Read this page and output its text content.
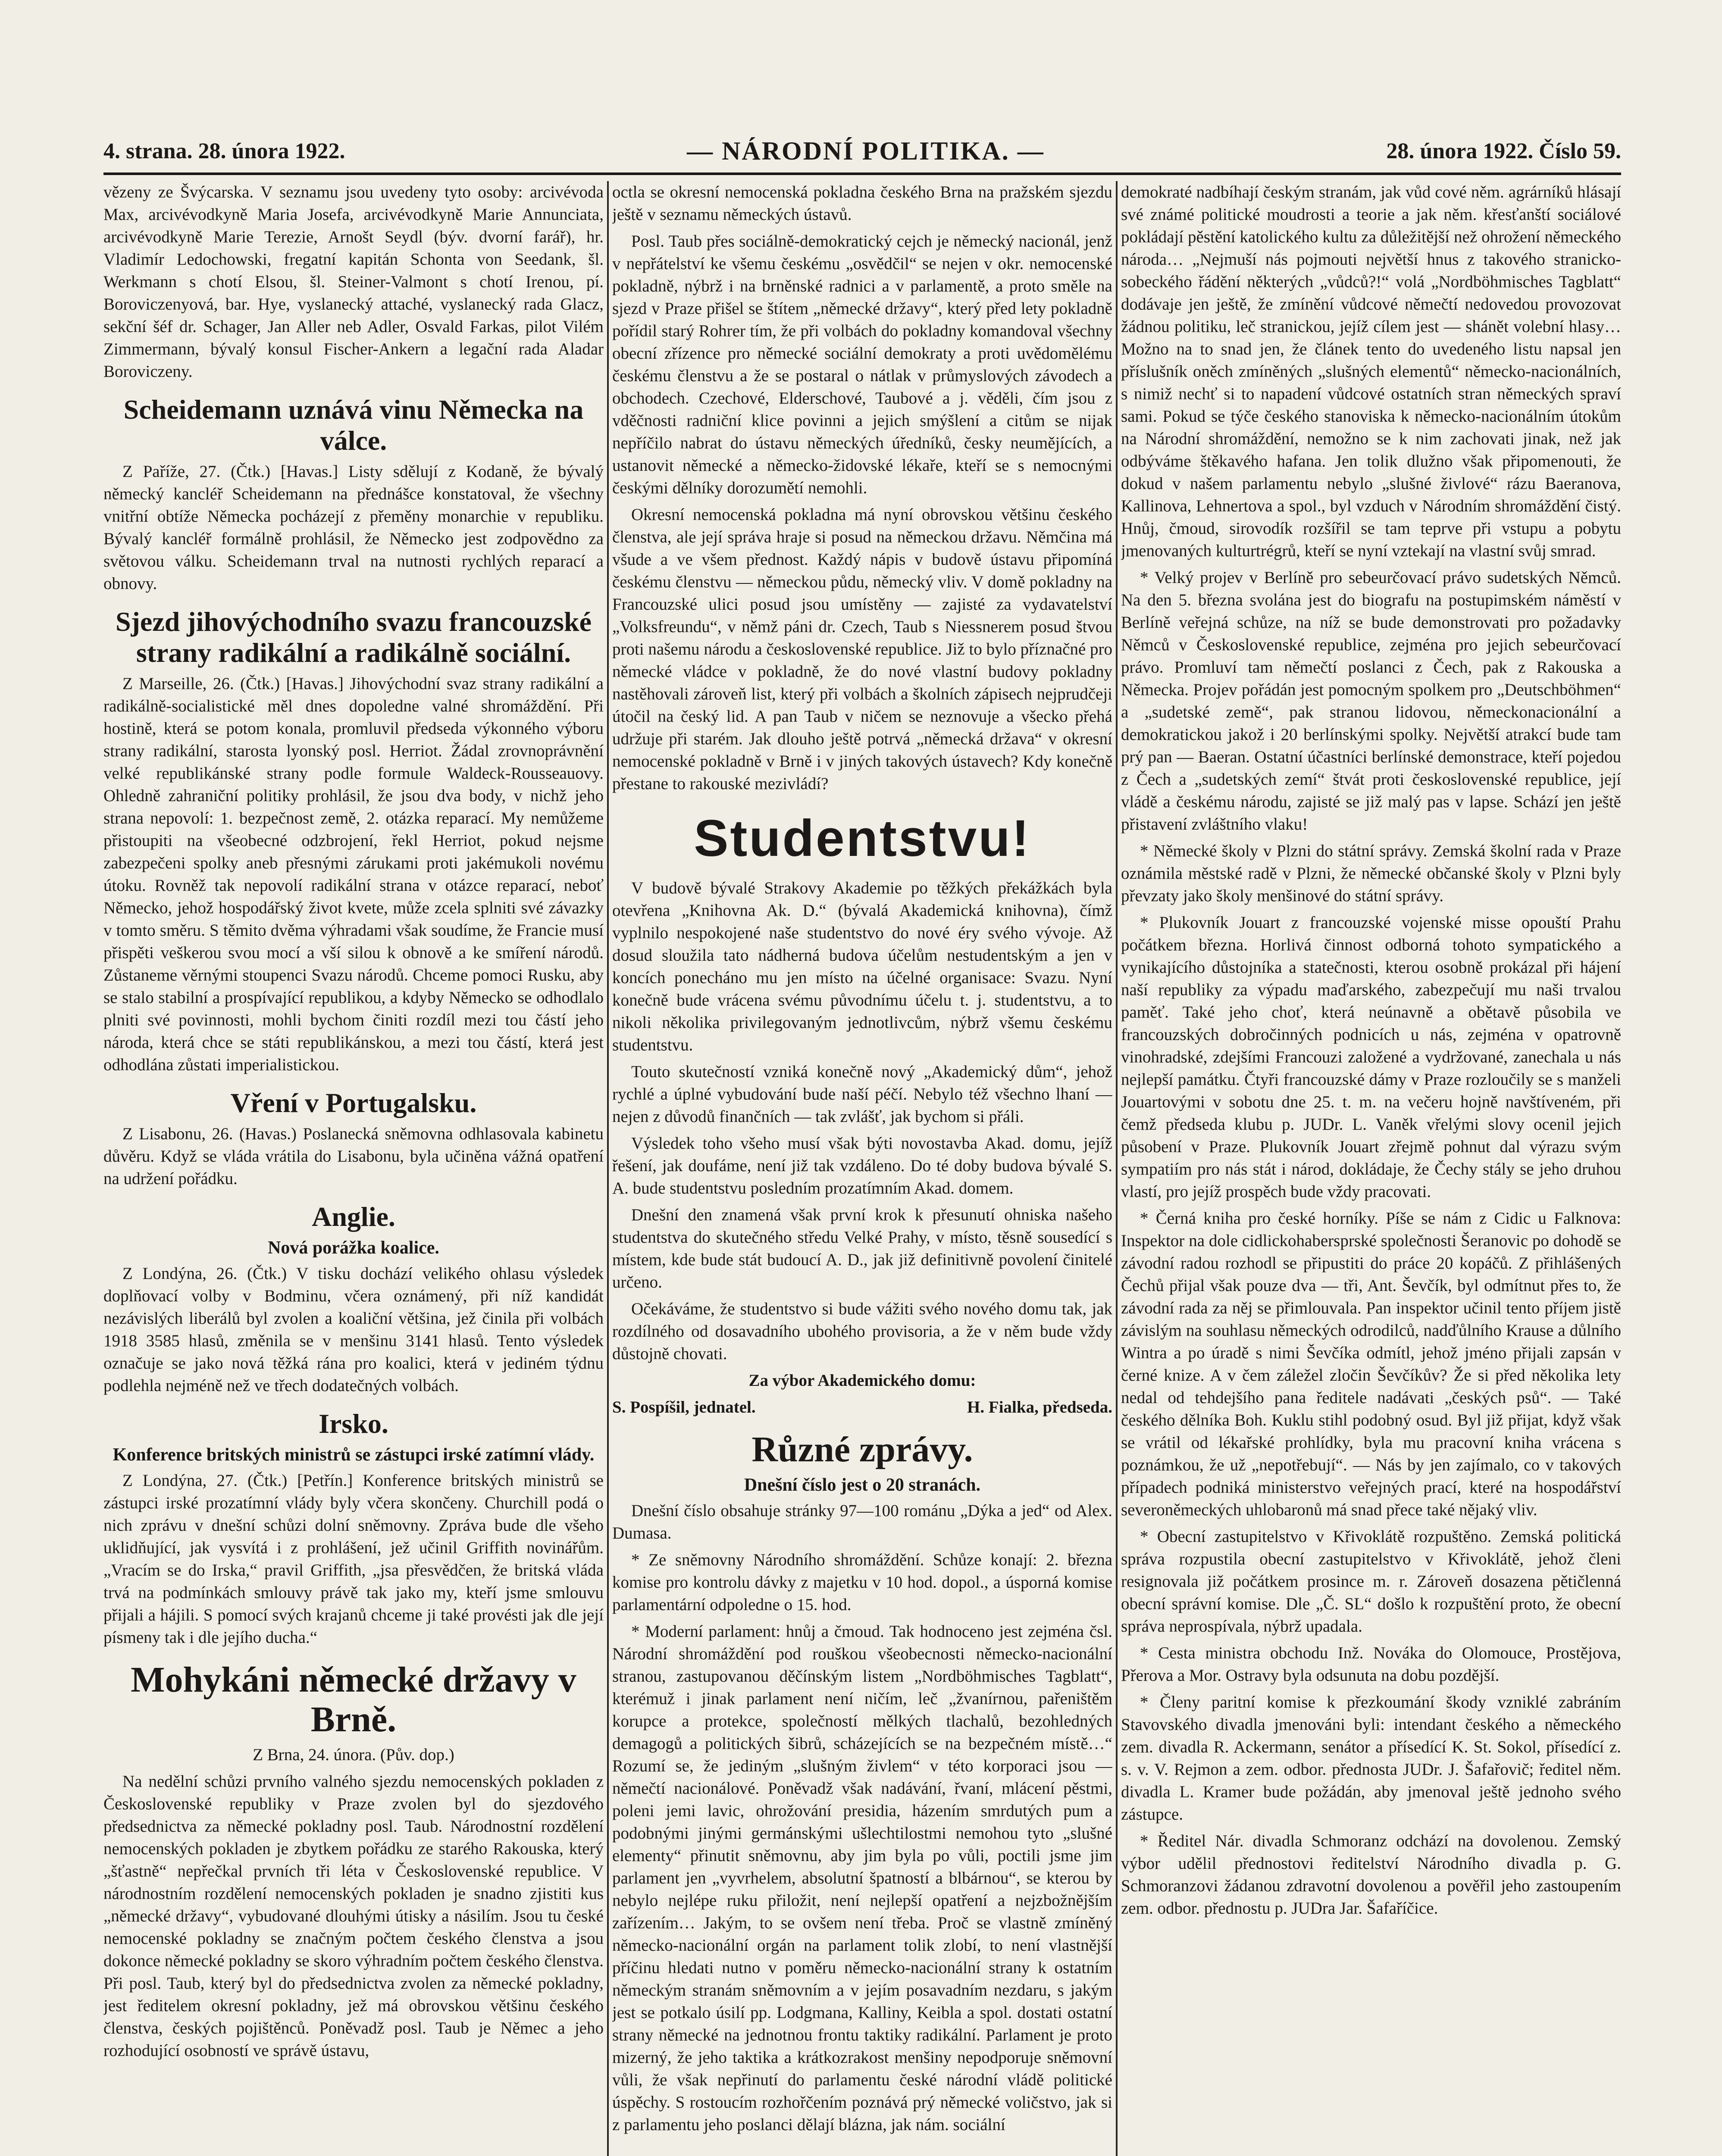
4. strana. 28. února 1922.	— NÁRODNÍ POLITIKA. —	28. února 1922. Číslo 59.

vězeny ze Švýcarska. V seznamu jsou uvedeny tyto osoby: arcivévoda Max, arcivévodkyně Maria Josefa, arcivévodkyně Marie Annunciata, arcivévodkyně Marie Terezie, Arnošt Seydl (býv. dvorní farář), hr. Vladimír Ledochowski, fregatní kapitán Schonta von Seedank, šl. Werkmann s chotí Elsou, šl. Steiner-Valmont s chotí Irenou, pí. Boroviczenyová, bar. Hye, vyslanecký attaché, vyslanecký rada Glacz, sekční šéf dr. Schager, Jan Aller neb Adler, Osvald Farkas, pilot Vilém Zimmermann, bývalý konsul Fischer-Ankern a legační rada Aladar Boroviczeny.

Scheidemann uznává vinu Německa na válce.

Z Paříže, 27. (Čtk.) [Havas.] Listy sdělují z Kodaně, že bývalý německý kancléř Scheidemann na přednášce konstatoval, že všechny vnitřní obtíže Německa pocházejí z přeměny monarchie v republiku. Bývalý kancléř formálně prohlásil, že Německo jest zodpovědno za světovou válku. Scheidemann trval na nutnosti rychlých reparací a obnovy.

Sjezd jihovýchodního svazu francouzské strany radikální a radikálně sociální.

Z Marseille, 26. (Čtk.) [Havas.] Jihovýchodní svaz strany radikální a radikálně-socialistické měl dnes dopoledne valné shromáždění. Při hostině, která se potom konala, promluvil předseda výkonného výboru strany radikální, starosta lyonský posl. Herriot. Žádal zrovnoprávnění velké republikánské strany podle formule Waldeck-Rousseauovy. Ohledně zahraniční politiky prohlásil, že jsou dva body, v nichž jeho strana nepovolí: 1. bezpečnost země, 2. otázka reparací. My nemůžeme přistoupiti na všeobecné odzbrojení, řekl Herriot, pokud nejsme zabezpečeni spolky aneb přesnými zárukami proti jakémukoli novému útoku. Rovněž tak nepovolí radikální strana v otázce reparací, neboť Německo, jehož hospodářský život kvete, může zcela splniti své závazky v tomto směru. S těmito dvěma výhradami však soudíme, že Francie musí přispěti veškerou svou mocí a vší silou k obnově a ke smíření národů. Zůstaneme věrnými stoupenci Svazu národů. Chceme pomoci Rusku, aby se stalo stabilní a prospívající republikou, a kdyby Německo se odhodlalo plniti své povinnosti, mohli bychom činiti rozdíl mezi tou částí jeho národa, která chce se státi republikánskou, a mezi tou částí, která jest odhodlána zůstati imperialistickou.

Vření v Portugalsku.

Z Lisabonu, 26. (Havas.) Poslanecká sněmovna odhlasovala kabinetu důvěru. Když se vláda vrátila do Lisabonu, byla učiněna vážná opatření na udržení pořádku.

Anglie.
Nová porážka koalice.

Z Londýna, 26. (Čtk.) V tisku dochází velikého ohlasu výsledek doplňovací volby v Bodminu, včera oznámený, při níž kandidát nezávislých liberálů byl zvolen a koaliční většina, jež činila při volbách 1918 3585 hlasů, změnila se v menšinu 3141 hlasů. Tento výsledek označuje se jako nová těžká rána pro koalici, která v jediném týdnu podlehla nejméně než ve třech dodatečných volbách.

Irsko.
Konference britských ministrů se zástupci irské zatímní vlády.

Z Londýna, 27. (Čtk.) [Petřín.] Konference britských ministrů se zástupci irské prozatímní vlády byly včera skončeny. Churchill podá o nich zprávu v dnešní schůzi dolní sněmovny. Zpráva bude dle všeho uklidňující, jak vysvítá i z prohlášení, jež učinil Griffith novinářům. „Vracím se do Irska,“ pravil Griffith, „jsa přesvědčen, že britská vláda trvá na podmínkách smlouvy právě tak jako my, kteří jsme smlouvu přijali a hájili. S pomocí svých krajanů chceme ji také provésti jak dle její písmeny tak i dle jejího ducha.“

Mohykáni německé državy v Brně.

Z Brna, 24. února. (Pův. dop.)

Na nedělní schůzi prvního valného sjezdu nemocenských pokladen z Československé republiky v Praze zvolen byl do sjezdového předsednictva za německé pokladny posl. Taub. Národnostní rozdělení nemocenských pokladen je zbytkem pořádku ze starého Rakouska, který „šťastně“ nepřečkal prvních tři léta v Československé republice. V národnostním rozdělení nemocenských pokladen je snadno zjistiti kus „německé državy“, vybudované dlouhými útisky a násilím. Jsou tu české nemocenské pokladny se značným počtem českého členstva a jsou dokonce německé pokladny se skoro výhradním počtem českého členstva. Při posl. Taub, který byl do předsednictva zvolen za německé pokladny, jest ředitelem okresní pokladny, jež má obrovskou většinu českého členstva, českých pojištěnců. Poněvadž posl. Taub je Němec a jeho rozhodující osobností ve správě ústavu,

octla se okresní nemocenská pokladna českého Brna na pražském sjezdu ještě v seznamu německých ústavů.

Posl. Taub přes sociálně-demokratický cejch je německý nacionál, jenž v nepřátelství ke všemu českému „osvědčil“ se nejen v okr. nemocenské pokladně, nýbrž i na brněnské radnici a v parlamentě, a proto směle na sjezd v Praze přišel se štítem „německé državy“, který před lety pokladně pořídil starý Rohrer tím, že při volbách do pokladny komandoval všechny obecní zřízence pro německé sociální demokraty a proti uvědomělému českému členstvu a že se postaral o nátlak v průmyslových závodech a obchodech. Czechové, Elderschové, Taubové a j. věděli, čím jsou z vděčnosti radniční klice povinni a jejich smýšlení a citům se nijak nepříčilo nabrat do ústavu německých úředníků, česky neumějících, a ustanovit německé a německo-židovské lékaře, kteří se s nemocnými českými dělníky dorozumětí nemohli.

Okresní nemocenská pokladna má nyní obrovskou většinu českého členstva, ale její správa hraje si posud na německou državu. Němčina má všude a ve všem přednost. Každý nápis v budově ústavu připomíná českému členstvu — německou půdu, německý vliv. V domě pokladny na Francouzské ulici posud jsou umístěny — zajisté za vydavatelství „Volksfreundu“, v němž páni dr. Czech, Taub s Niessnerem posud štvou proti našemu národu a československé republice. Již to bylo příznačné pro německé vládce v pokladně, že do nové vlastní budovy pokladny nastěhovali zároveň list, který při volbách a školních zápisech nejprudčeji útočil na český lid. A pan Taub v ničem se neznovuje a všecko přehá udržuje při starém. Jak dlouho ještě potrvá „německá država“ v okresní nemocenské pokladně v Brně i v jiných takových ústavech? Kdy konečně přestane to rakouské mezivládí?

Studentstvu!

V budově bývalé Strakovy Akademie po těžkých překážkách byla otevřena „Knihovna Ak. D.“ (bývalá Akademická knihovna), čímž vyplnilo nespokojené naše studentstvo do nové éry svého vývoje. Až dosud sloužila tato nádherná budova účelům nestudentským a jen v koncích ponecháno mu jen místo na účelné organisace: Svazu. Nyní konečně bude vrácena svému původnímu účelu t. j. studentstvu, a to nikoli několika privilegovaným jednotlivcům, nýbrž všemu českému studentstvu.

Touto skutečností vzniká konečně nový „Akademický dům“, jehož rychlé a úplné vybudování bude naší péčí. Nebylo též všechno lhaní — nejen z důvodů finančních — tak zvlášť, jak bychom si přáli.

Výsledek toho všeho musí však býti novostavba Akad. domu, jejíž řešení, jak doufáme, není již tak vzdáleno. Do té doby budova bývalé S. A. bude studentstvu posledním prozatímním Akad. domem.

Dnešní den znamená však první krok k přesunutí ohniska našeho studentstva do skutečného středu Velké Prahy, v místo, těsně sousedící s místem, kde bude stát budoucí A. D., jak již definitivně povolení činitelé určeno.

Očekáváme, že studentstvo si bude vážiti svého nového domu tak, jak rozdílného od dosavadního ubohého provisoria, a že v něm bude vždy důstojně chovati.

Za výbor Akademického domu:

S. Pospíšil, jednatel.	H. Fialka, předseda.

Různé zprávy.
Dnešní číslo jest o 20 stranách.

Dnešní číslo obsahuje stránky 97—100 románu „Dýka a jed“ od Alex. Dumasa.

* Ze sněmovny Národního shromáždění. Schůze konají: 2. března komise pro kontrolu dávky z majetku v 10 hod. dopol., a úsporná komise parlamentární odpoledne o 15. hod.

* Moderní parlament: hnůj a čmoud. Tak hodnoceno jest zejména čsl. Národní shromáždění pod rouškou všeobecnosti německo-nacionální stranou, zastupovanou děčínským listem „Nordböhmisches Tagblatt“, kterémuž i jinak parlament není ničím, leč „žvanírnou, pařeništěm korupce a protekce, společností mělkých tlachalů, bezohledných demagogů a politických šibrů, scházejících se na bezpečném místě…“ Rozumí se, že jediným „slušným živlem“ v této korporaci jsou — němečtí nacionálové. Poněvadž však nadávání, řvaní, mlácení pěstmi, poleni jemi lavic, ohrožování presidia, házením smrdutých pum a podobnými jinými germánskými ušlechtilostmi nemohou tyto „slušné elementy“ přinutit sněmovnu, aby jim byla po vůli, poctili jsme jim parlament jen „vyvrhelem, absolutní špatností a blbárnou“, se kterou by nebylo nejlépe ruku přiložit, není nejlepší opatření a nejzbožnějším zařízením… Jakým, to se ovšem není třeba. Proč se vlastně zmíněný německo-nacionální orgán na parlament tolik zlobí, to není vlastnější příčinu hledati nutno v poměru německo-nacionální strany k ostatním německým stranám sněmovním a v jejím posavadním nezdaru, s jakým jest se potkalo úsilí pp. Lodgmana, Kalliny, Keibla a spol. dostati ostatní strany německé na jednotnou frontu taktiky radikální. Parlament je proto mizerný, že jeho taktika a krátkozrakost menšiny nepodporuje sněmovní vůli, že však nepřinutí do parlamentu české národní vládě politické úspěchy. S rostoucím rozhořčením poznává prý německé voličstvo, jak si z parlamentu jeho poslanci dělají blázna, jak nám. sociální

demokraté nadbíhají českým stranám, jak vůd cové něm. agrárníků hlásají své známé politické moudrosti a teorie a jak něm. křesťanští sociálové pokládají pěstění katolického kultu za důležitější než ohrožení německého národa… „Nejmuší nás pojmouti největší hnus z takového stranicko-sobeckého řádění některých „vůdců?!“ volá „Nordböhmisches Tagblatt“ dodávaje jen ještě, že zmínění vůdcové němečtí nedovedou provozovat žádnou politiku, leč stranickou, jejíž cílem jest — shánět volební hlasy… Možno na to snad jen, že článek tento do uvedeného listu napsal jen příslušník oněch zmíněných „slušných elementů“ německo-nacionálních, s nimiž nechť si to napadení vůdcové ostatních stran německých spraví sami. Pokud se týče českého stanoviska k německo-nacionálním útokům na Národní shromáždění, nemožno se k nim zachovati jinak, než jak odbýváme štěkavého hafana. Jen tolik dlužno však připomenouti, že dokud v našem parlamentu nebylo „slušné živlové“ rázu Baeranova, Kallinova, Lehnertova a spol., byl vzduch v Národním shromáždění čistý. Hnůj, čmoud, sirovodík rozšířil se tam teprve při vstupu a pobytu jmenovaných kulturtrégrů, kteří se nyní vztekají na vlastní svůj smrad.

* Velký projev v Berlíně pro sebeurčovací právo sudetských Němců. Na den 5. března svolána jest do biografu na postupimském náměstí v Berlíně veřejná schůze, na níž se bude demonstrovati pro požadavky Němců v Československé republice, zejména pro jejich sebeurčovací právo. Promluví tam němečtí poslanci z Čech, pak z Rakouska a Německa. Projev pořádán jest pomocným spolkem pro „Deutschböhmen“ a „sudetské země“, pak stranou lidovou, německonacionální a demokratickou jakož i 20 berlínskými spolky. Největší atrakcí bude tam prý pan — Baeran. Ostatní účastníci berlínské demonstrace, kteří pojedou z Čech a „sudetských zemí“ štvát proti československé republice, její vládě a českému národu, zajisté se již malý pas v lapse. Schází jen ještě přistavení zvláštního vlaku!

* Německé školy v Plzni do státní správy. Zemská školní rada v Praze oznámila městské radě v Plzni, že německé občanské školy v Plzni byly převzaty jako školy menšinové do státní správy.

* Plukovník Jouart z francouzské vojenské misse opouští Prahu počátkem března. Horlivá činnost odborná tohoto sympatického a vynikajícího důstojníka a statečnosti, kterou osobně prokázal při hájení naší republiky za výpadu maďarského, zabezpečují mu naši trvalou paměť. Také jeho choť, která neúnavně a obětavě působila ve francouzských dobročinných podnicích u nás, zejména v opatrovně vinohradské, zdejšími Francouzi založené a vydržované, zanechala u nás nejlepší památku. Čtyři francouzské dámy v Praze rozloučily se s manželi Jouartovými v sobotu dne 25. t. m. na večeru hojně navštíveném, při čemž předseda klubu p. JUDr. L. Vaněk vřelými slovy ocenil jejich působení v Praze. Plukovník Jouart zřejmě pohnut dal výrazu svým sympatiím pro nás stát i národ, dokládaje, že Čechy stály se jeho druhou vlastí, pro jejíž prospěch bude vždy pracovati.

* Černá kniha pro české horníky. Píše se nám z Cidic u Falknova: Inspektor na dole cidlickohabersprské společnosti Šeranovic po dohodě se závodní radou rozhodl se připustiti do práce 20 kopáčů. Z přihlášených Čechů přijal však pouze dva — tři, Ant. Ševčík, byl odmítnut přes to, že závodní rada za něj se přimlouvala. Pan inspektor učinil tento příjem jistě závislým na souhlasu německých odrodilců, nadďůlního Krause a důlního Wintra a po úradě s nimi Ševčíka odmítl, jehož jméno přijali zapsán v černé knize. A v čem záležel zločin Ševčíkův? Že si před několika lety nedal od tehdejšího pana ředitele nadávati „českých psů“. — Také českého dělníka Boh. Kuklu stihl podobný osud. Byl již přijat, když však se vrátil od lékařské prohlídky, byla mu pracovní kniha vrácena s poznámkou, že už „nepotřebují“. — Nás by jen zajímalo, co v takových případech podniká ministerstvo veřejných prací, které na hospodářství severoněmeckých uhlobaronů má snad přece také nějaký vliv.

* Obecní zastupitelstvo v Křivoklátě rozpuštěno. Zemská politická správa rozpustila obecní zastupitelstvo v Křivoklátě, jehož členi resignovala již počátkem prosince m. r. Zároveň dosazena pětičlenná obecní správní komise. Dle „Č. SL“ došlo k rozpuštění proto, že obecní správa neprospívala, nýbrž upadala.

* Cesta ministra obchodu Inž. Nováka do Olomouce, Prostějova, Přerova a Mor. Ostravy byla odsunuta na dobu pozdější.

* Členy paritní komise k přezkoumání škody vzniklé zabráním Stavovského divadla jmenováni byli: intendant českého a německého zem. divadla R. Ackermann, senátor a přísedící K. St. Sokol, přísedící z. s. v. V. Rejmon a zem. odbor. přednosta JUDr. J. Šafařovič; ředitel něm. divadla L. Kramer bude požádán, aby jmenoval ještě jednoho svého zástupce.

* Ředitel Nár. divadla Schmoranz odchází na dovolenou. Zemský výbor udělil přednostovi ředitelství Národního divadla p. G. Schmoranzovi žádanou zdravotní dovolenou a pověřil jeho zastoupením zem. odbor. přednostu p. JUDra Jar. Šafaříčice.
